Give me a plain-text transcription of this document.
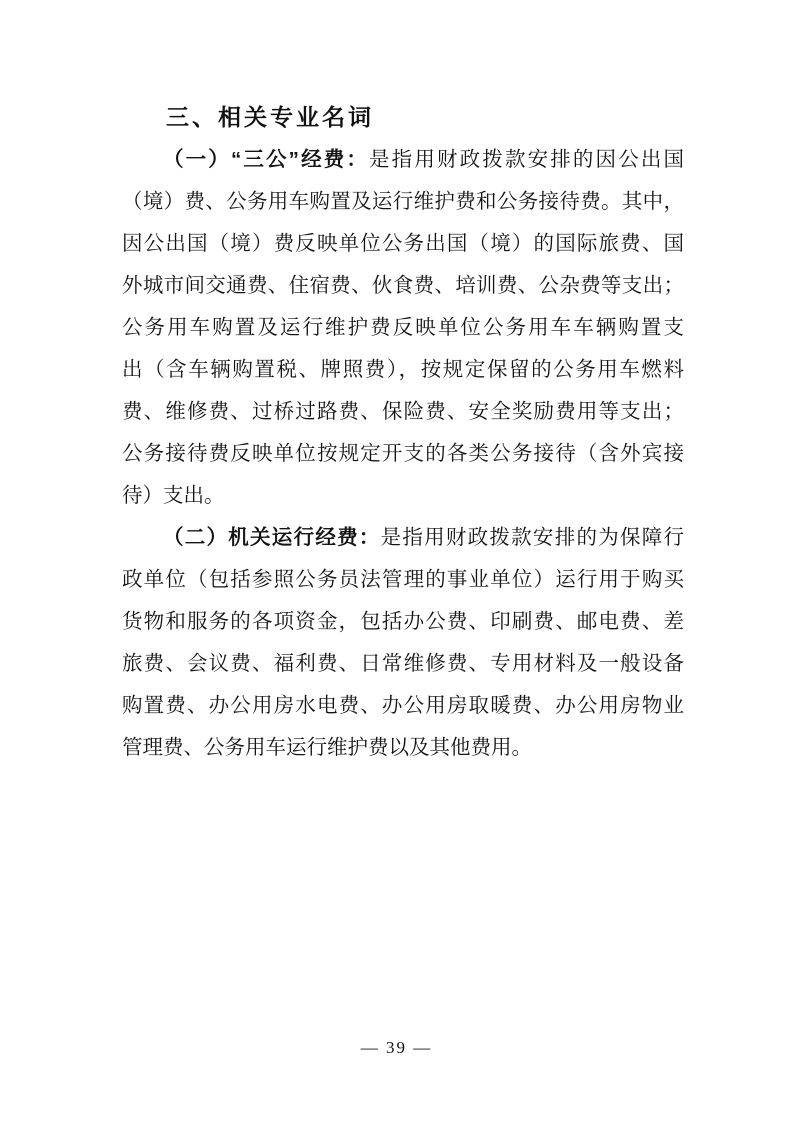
三、相关专业名词
（一）“三公”经费：是指用财政拨款安排的因公出国
（境）费、公务用车购置及运行维护费和公务接待费。其中，
因公出国（境）费反映单位公务出国（境）的国际旅费、国
外城市间交通费、住宿费、伙食费、培训费、公杂费等支出；
公务用车购置及运行维护费反映单位公务用车车辆购置支
出（含车辆购置税、牌照费），按规定保留的公务用车燃料
费、维修费、过桥过路费、保险费、安全奖励费用等支出；
公务接待费反映单位按规定开支的各类公务接待（含外宾接
待）支出。
（二）机关运行经费：是指用财政拨款安排的为保障行
政单位（包括参照公务员法管理的事业单位）运行用于购买
货物和服务的各项资金，包括办公费、印刷费、邮电费、差
旅费、会议费、福利费、日常维修费、专用材料及一般设备
购置费、办公用房水电费、办公用房取暖费、办公用房物业
管理费、公务用车运行维护费以及其他费用。
— 39 —
